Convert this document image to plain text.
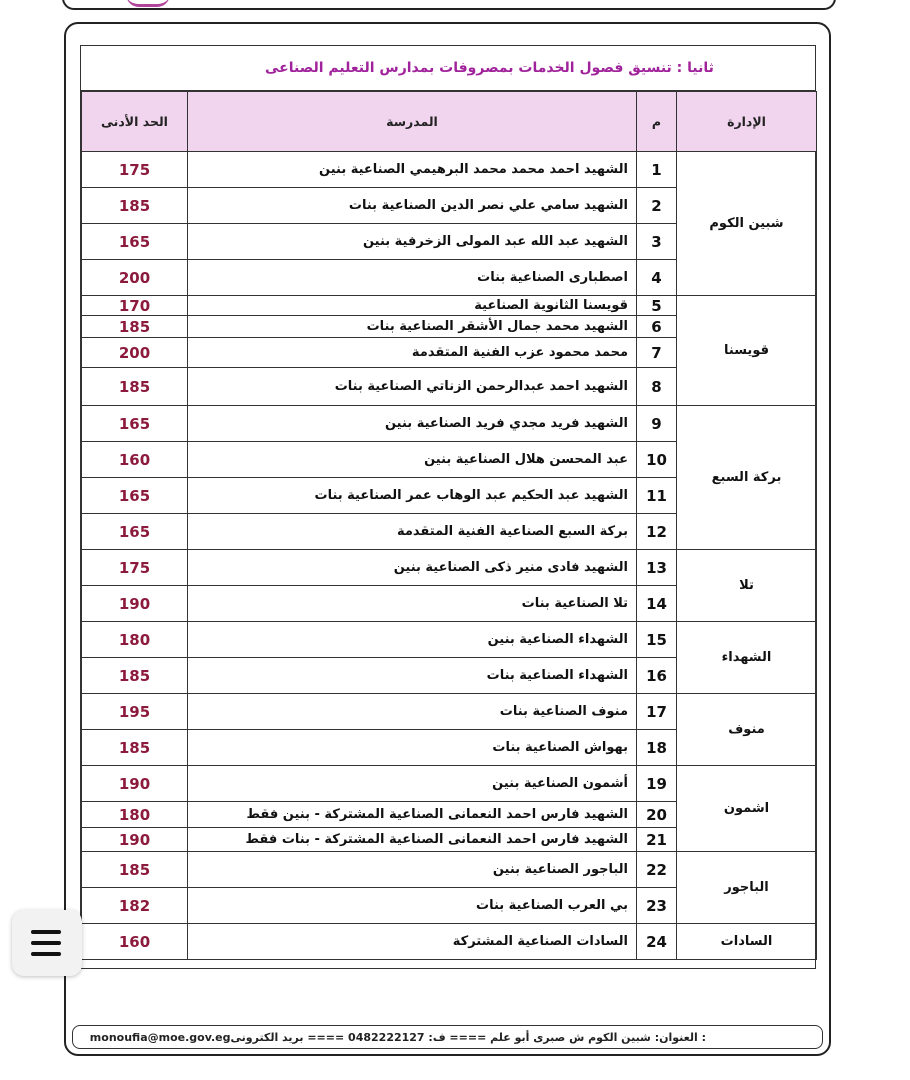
ثانيا : تنسيق فصول الخدمات بمصروفات بمدارس التعليم الصناعى
الحد الأدنى	المدرسة	م	الإدارة
175	الشهيد احمد محمد محمد البرهيمي الصناعية بنين	1	شبين الكوم
185	الشهيد سامي علي نصر الدين الصناعية بنات	2	
165	الشهيد عبد الله عبد المولى الزخرفية بنين	3	
200	اصطبارى الصناعية بنات	4	
170	قويسنا الثانوية الصناعية	5	قويسنا
185	الشهيد محمد جمال الأشقر الصناعية بنات	6	
200	محمد محمود عزب الفنية المتقدمة	7	
185	الشهيد احمد عبدالرحمن الزناتي الصناعية بنات	8	
165	الشهيد فريد مجدي فريد الصناعية بنين	9	بركة السبع
160	عبد المحسن هلال الصناعية بنين	10	
165	الشهيد عبد الحكيم عبد الوهاب عمر الصناعية بنات	11	
165	بركة السبع الصناعية الفنية المتقدمة	12	
175	الشهيد فادى منير ذكى الصناعية بنين	13	تلا
190	تلا الصناعية بنات	14	
180	الشهداء الصناعية بنين	15	الشهداء
185	الشهداء الصناعية بنات	16	
195	منوف الصناعية بنات	17	منوف
185	بهواش الصناعية بنات	18	
190	أشمون الصناعية بنين	19	اشمون
180	الشهيد فارس احمد النعمانى الصناعية المشتركة - بنين فقط	20	
190	الشهيد فارس احمد النعمانى الصناعية المشتركة - بنات فقط	21	
185	الباجور الصناعية بنين	22	الباجور
182	بي العرب الصناعية بنات	23	
160	السادات الصناعية المشتركة	24	السادات
monoufia@moe.gov.egالعنوان: شبين الكوم ش صبرى أبو علم ==== ف: 0482222127 ==== بريد الكترونى :
